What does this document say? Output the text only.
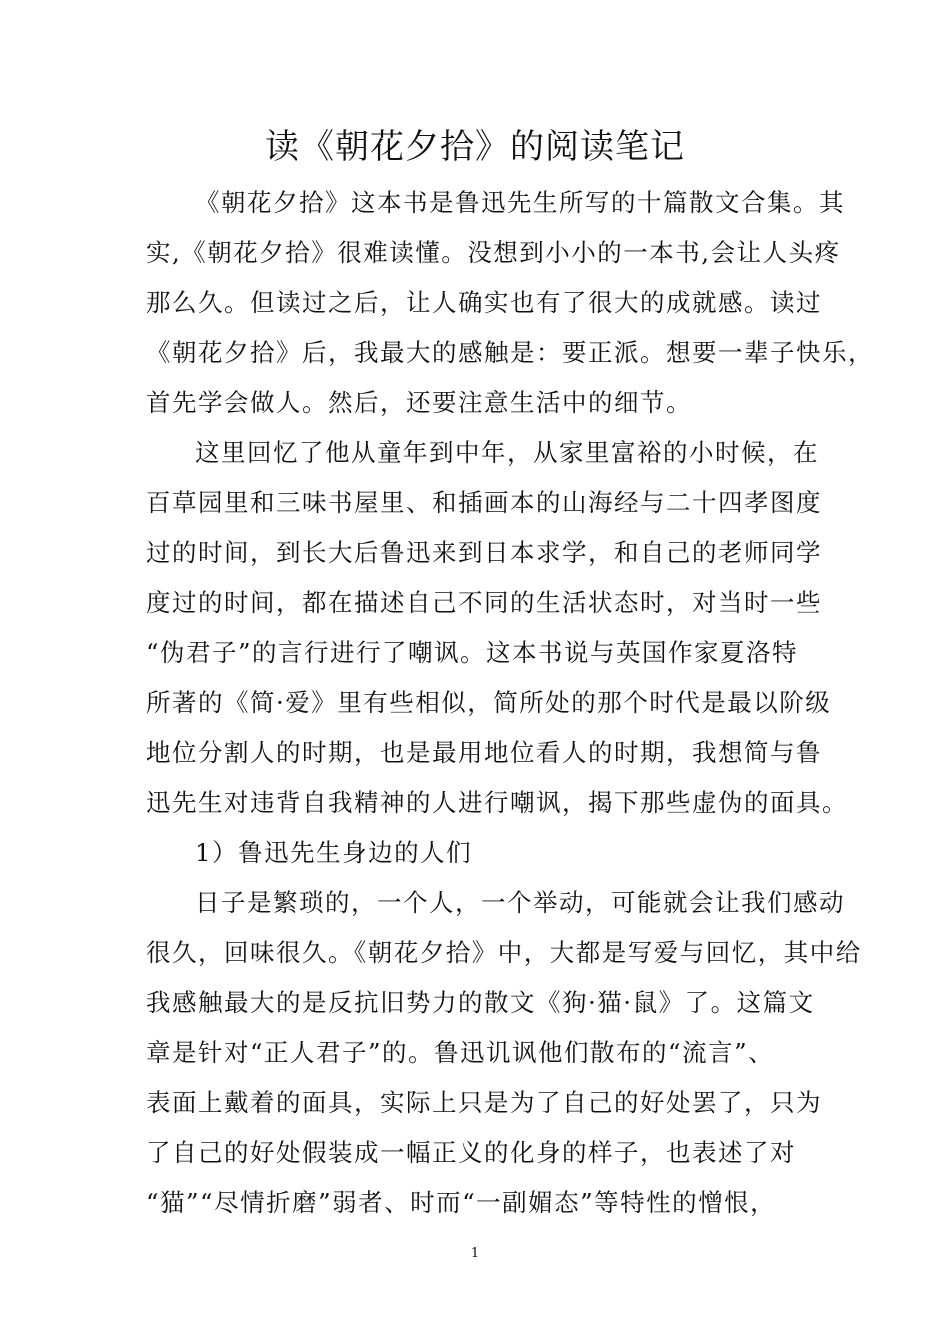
读《朝花夕拾》的阅读笔记
《朝花夕拾》这本书是鲁迅先生所写的十篇散文合集。其
实,《朝花夕拾》很难读懂。没想到小小的一本书,会让人头疼
那么久。但读过之后，让人确实也有了很大的成就感。读过
《朝花夕拾》后，我最大的感触是：要正派。想要一辈子快乐，
首先学会做人。然后，还要注意生活中的细节。
这里回忆了他从童年到中年，从家里富裕的小时候，在
百草园里和三味书屋里、和插画本的山海经与二十四孝图度
过的时间，到长大后鲁迅来到日本求学，和自己的老师同学
度过的时间，都在描述自己不同的生活状态时，对当时一些
“伪君子”的言行进行了嘲讽。这本书说与英国作家夏洛特
所著的《简·爱》里有些相似，简所处的那个时代是最以阶级
地位分割人的时期，也是最用地位看人的时期，我想简与鲁
迅先生对违背自我精神的人进行嘲讽，揭下那些虚伪的面具。
1）鲁迅先生身边的人们
日子是繁琐的，一个人，一个举动，可能就会让我们感动
很久，回味很久。《朝花夕拾》中，大都是写爱与回忆，其中给
我感触最大的是反抗旧势力的散文《狗·猫·鼠》了。这篇文
章是针对“正人君子”的。鲁迅讥讽他们散布的“流言”、
表面上戴着的面具，实际上只是为了自己的好处罢了，只为
了自己的好处假装成一幅正义的化身的样子，也表述了对
“猫”“尽情折磨”弱者、时而“一副媚态”等特性的憎恨，
1
